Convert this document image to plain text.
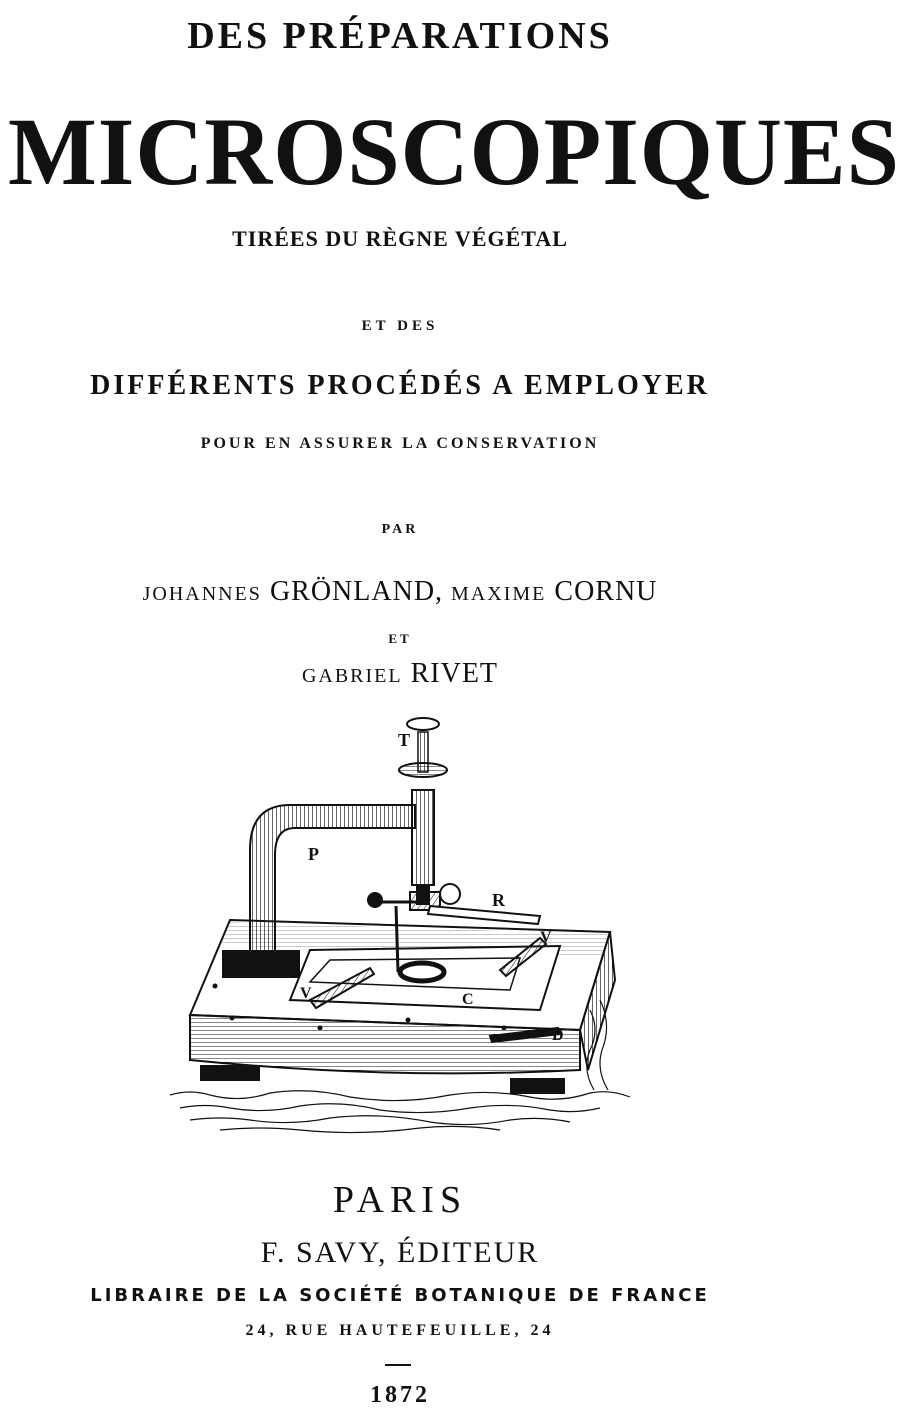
DES PRÉPARATIONS
MICROSCOPIQUES
TIRÉES DU RÈGNE VÉGÉTAL
ET DES
DIFFÉRENTS PROCÉDÉS A EMPLOYER
POUR EN ASSURER LA CONSERVATION
PAR
JOHANNES GRÖNLAND, MAXIME CORNU
ET
GABRIEL RIVET
T
P
R
V
V	C
D
PARIS
F. SAVY, ÉDITEUR
LIBRAIRE DE LA SOCIÉTÉ BOTANIQUE DE FRANCE
24, RUE HAUTEFEUILLE, 24
1872
